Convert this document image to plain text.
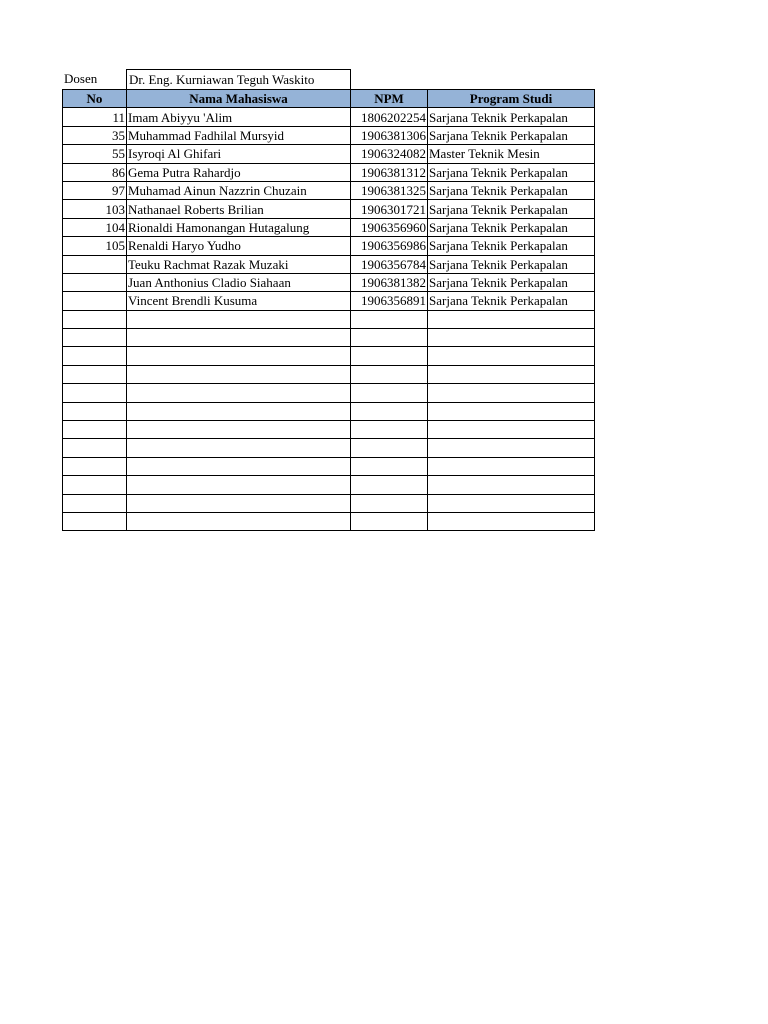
Dosen	Dr. Eng. Kurniawan Teguh Waskito
No	Nama Mahasiswa	NPM	Program Studi
11	Imam Abiyyu 'Alim	1806202254	Sarjana Teknik Perkapalan
35	Muhammad Fadhilal Mursyid	1906381306	Sarjana Teknik Perkapalan
55	Isyroqi Al Ghifari	1906324082	Master Teknik Mesin
86	Gema Putra Rahardjo	1906381312	Sarjana Teknik Perkapalan
97	Muhamad Ainun Nazzrin Chuzain	1906381325	Sarjana Teknik Perkapalan
103	Nathanael Roberts Brilian	1906301721	Sarjana Teknik Perkapalan
104	Rionaldi Hamonangan Hutagalung	1906356960	Sarjana Teknik Perkapalan
105	Renaldi Haryo Yudho	1906356986	Sarjana Teknik Perkapalan
	Teuku Rachmat Razak Muzaki	1906356784	Sarjana Teknik Perkapalan
	Juan Anthonius Cladio Siahaan	1906381382	Sarjana Teknik Perkapalan
	Vincent Brendli Kusuma	1906356891	Sarjana Teknik Perkapalan
